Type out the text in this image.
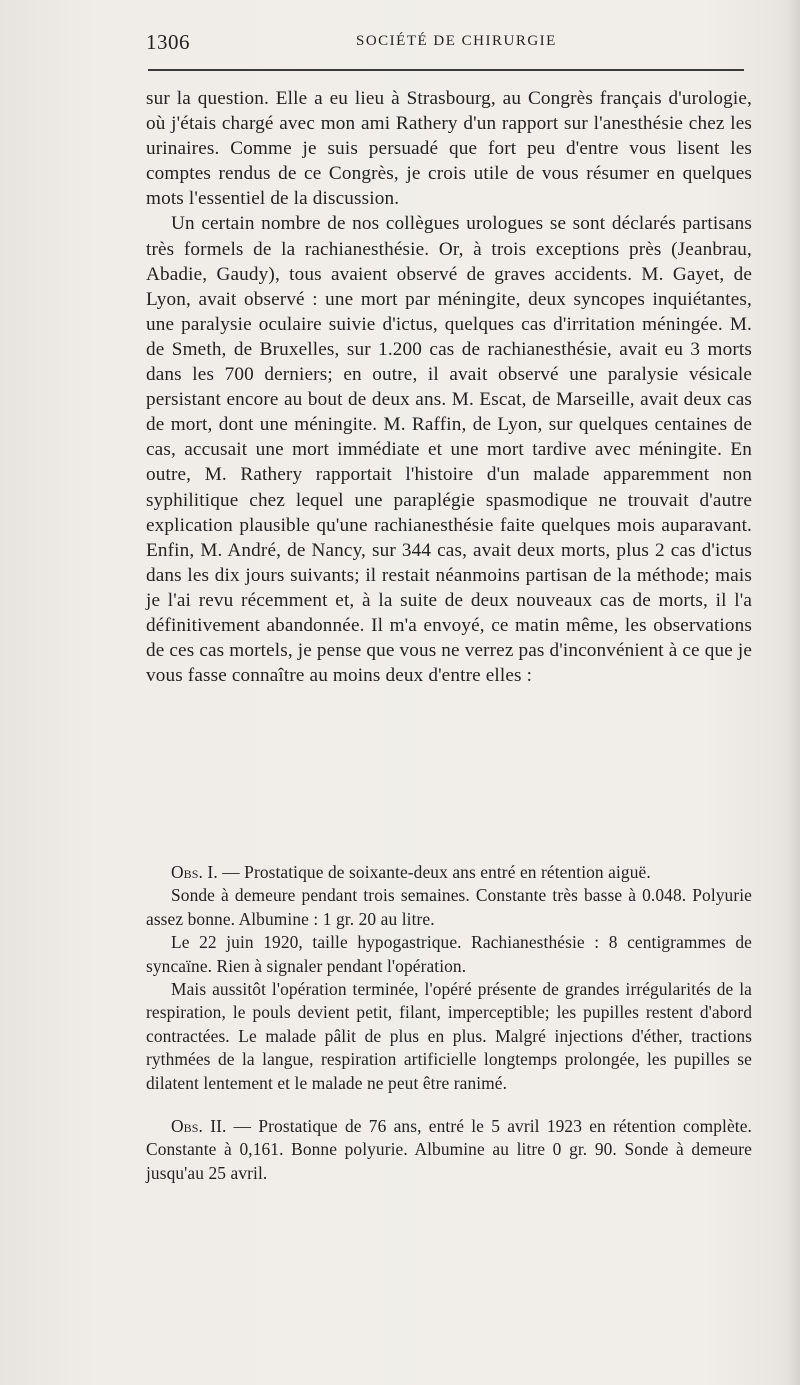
1306	SOCIÉTÉ DE CHIRURGIE

sur la question. Elle a eu lieu à Strasbourg, au Congrès français d'urologie, où j'étais chargé avec mon ami Rathery d'un rapport sur l'anesthésie chez les urinaires. Comme je suis persuadé que fort peu d'entre vous lisent les comptes rendus de ce Congrès, je crois utile de vous résumer en quelques mots l'essentiel de la discussion.

Un certain nombre de nos collègues urologues se sont déclarés partisans très formels de la rachianesthésie. Or, à trois exceptions près (Jeanbrau, Abadie, Gaudy), tous avaient observé de graves accidents. M. Gayet, de Lyon, avait observé : une mort par méningite, deux syncopes inquiétantes, une paralysie oculaire suivie d'ictus, quelques cas d'irritation méningée. M. de Smeth, de Bruxelles, sur 1.200 cas de rachianesthésie, avait eu 3 morts dans les 700 derniers; en outre, il avait observé une paralysie vésicale persistant encore au bout de deux ans. M. Escat, de Marseille, avait deux cas de mort, dont une méningite. M. Raffin, de Lyon, sur quelques centaines de cas, accusait une mort immédiate et une mort tardive avec méningite. En outre, M. Rathery rapportait l'histoire d'un malade apparemment non syphilitique chez lequel une paraplégie spasmodique ne trouvait d'autre explication plausible qu'une rachianesthésie faite quelques mois auparavant. Enfin, M. André, de Nancy, sur 344 cas, avait deux morts, plus 2 cas d'ictus dans les dix jours suivants; il restait néanmoins partisan de la méthode; mais je l'ai revu récemment et, à la suite de deux nouveaux cas de morts, il l'a définitivement abandonnée. Il m'a envoyé, ce matin même, les observations de ces cas mortels, je pense que vous ne verrez pas d'inconvénient à ce que je vous fasse connaître au moins deux d'entre elles :

Obs. I. — Prostatique de soixante-deux ans entré en rétention aiguë.

Sonde à demeure pendant trois semaines. Constante très basse à 0.048. Polyurie assez bonne. Albumine : 1 gr. 20 au litre.

Le 22 juin 1920, taille hypogastrique. Rachianesthésie : 8 centigrammes de syncaïne. Rien à signaler pendant l'opération.

Mais aussitôt l'opération terminée, l'opéré présente de grandes irrégularités de la respiration, le pouls devient petit, filant, imperceptible; les pupilles restent d'abord contractées. Le malade pâlit de plus en plus. Malgré injections d'éther, tractions rythmées de la langue, respiration artificielle longtemps prolongée, les pupilles se dilatent lentement et le malade ne peut être ranimé.

Obs. II. — Prostatique de 76 ans, entré le 5 avril 1923 en rétention complète. Constante à 0,161. Bonne polyurie. Albumine au litre 0 gr. 90. Sonde à demeure jusqu'au 25 avril.
